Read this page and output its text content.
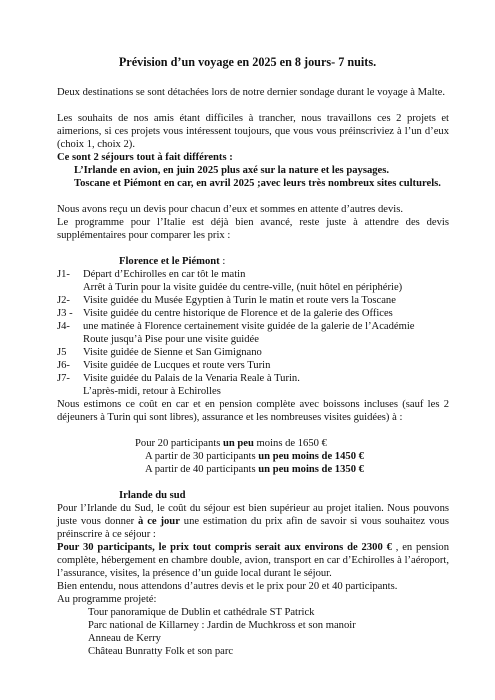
Prévision d’un voyage en 2025 en 8 jours- 7 nuits.
Deux destinations se sont détachées lors de notre dernier sondage durant le voyage à Malte.
Les souhaits de nos amis étant difficiles à trancher, nous travaillons ces 2 projets et aimerions, si ces projets vous intéressent toujours, que vous vous préinscriviez à l’un d’eux (choix 1, choix 2).
Ce sont 2 séjours tout à fait différents :
L’Irlande en avion, en juin 2025 plus axé sur la nature et les paysages.
Toscane et Piémont en car, en avril 2025 ;avec leurs très nombreux sites culturels.
Nous avons reçu un devis pour chacun d’eux et sommes en attente d’autres devis.
Le programme pour l’Italie est déjà bien avancé, reste juste à attendre des devis supplémentaires pour comparer les prix :
Florence et le Piémont :
J1- Départ d’Echirolles en car tôt le matin
Arrêt à Turin pour la visite guidée du centre-ville, (nuit hôtel en périphérie)
J2- Visite guidée du Musée Egyptien à Turin le matin et route vers la Toscane
J3 - Visite guidée du centre historique de Florence et de la galerie des Offices
J4- une matinée à Florence certainement visite guidée de la galerie de l’Académie
Route jusqu’à Pise pour une visite guidée
J5 Visite guidée de Sienne et San Gimignano
J6- Visite guidée de Lucques et route vers Turin
J7- Visite guidée du Palais de la Venaria Reale à Turin.
L’après-midi, retour à Echirolles
Nous estimons ce coût en car et en pension complète avec boissons incluses (sauf les 2 déjeuners à Turin qui sont libres), assurance et les nombreuses visites guidées) à :
Pour 20 participants un peu moins de 1650 €
A partir de 30 participants un peu moins de 1450 €
A partir de 40 participants un peu moins de 1350 €
Irlande du sud
Pour l’Irlande du Sud, le coût du séjour est bien supérieur au projet italien. Nous pouvons juste vous donner à ce jour une estimation du prix afin de savoir si vous souhaitez vous préinscrire à ce séjour :
Pour 30 participants, le prix tout compris serait aux environs de 2300 € , en pension complète, hébergement en chambre double, avion, transport en car d’Echirolles à l’aéroport, l’assurance, visites, la présence d’un guide local durant le séjour.
Bien entendu, nous attendons d’autres devis et le prix pour 20 et 40 participants.
Au programme projeté:
Tour panoramique de Dublin et cathédrale ST Patrick
Parc national de Killarney : Jardin de Muchkross et son manoir
Anneau de Kerry
Château Bunratty Folk et son parc
